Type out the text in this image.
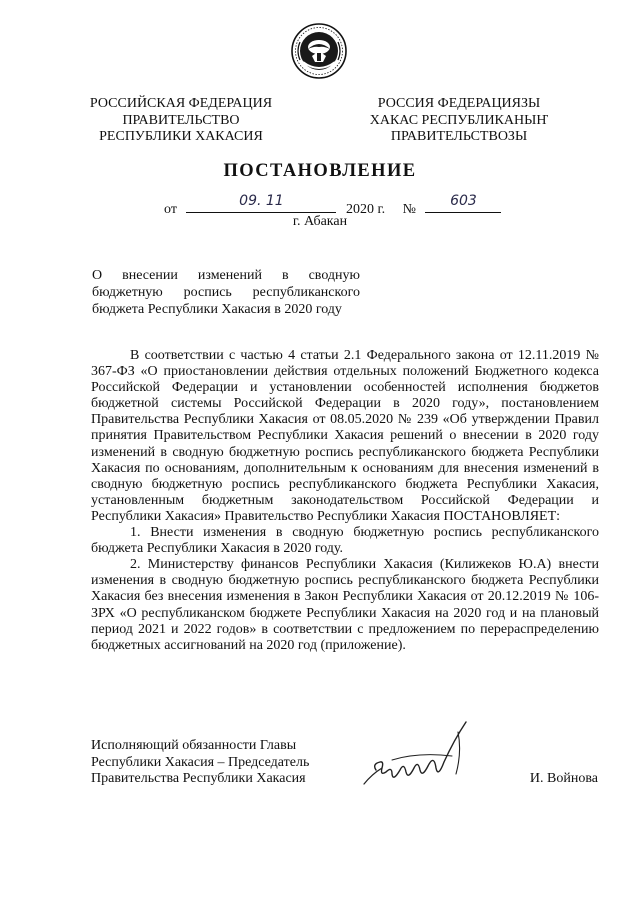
РОССИЙСКАЯ ФЕДЕРАЦИЯ
ПРАВИТЕЛЬСТВО
РЕСПУБЛИКИ ХАКАСИЯ
РОССИЯ ФЕДЕРАЦИЯЗЫ
ХАКАС РЕСПУБЛИКАНЫҤ
ПРАВИТЕЛЬСТВОЗЫ
ПОСТАНОВЛЕНИЕ
от
09. 11
2020 г. №
603
г. Абакан
О внесении изменений в сводную
бюджетную роспись республиканского
бюджета Республики Хакасия в 2020 году

В соответствии с частью 4 статьи 2.1 Федерального закона от 12.11.2019 № 367-ФЗ «О приостановлении действия отдельных положений Бюджетного кодекса Российской Федерации и установлении особенностей исполнения бюджетов бюджетной системы Российской Федерации в 2020 году», постановлением Правительства Республики Хакасия от 08.05.2020 № 239 «Об утверждении Правил принятия Правительством Республики Хакасия решений о внесении в 2020 году изменений в сводную бюджетную роспись республиканского бюджета Республики Хакасия по основаниям, дополнительным к основаниям для внесения изменений в сводную бюджетную роспись республиканского бюджета Республики Хакасия, установленным бюджетным законодательством Российской Федерации и Республики Хакасия» Правительство Республики Хакасия ПОСТАНОВЛЯЕТ:

1. Внести изменения в сводную бюджетную роспись республиканского бюджета Республики Хакасия в 2020 году.

2. Министерству финансов Республики Хакасия (Килижеков Ю.А) внести изменения в сводную бюджетную роспись республиканского бюджета Республики Хакасия без внесения изменения в Закон Республики Хакасия от 20.12.2019 № 106-ЗРХ «О республиканском бюджете Республики Хакасия на 2020 год и на плановый период 2021 и 2022 годов» в соответствии с предложением по перераспределению бюджетных ассигнований на 2020 год (приложение).

Исполняющий обязанности Главы
Республики Хакасия – Председатель
Правительства Республики Хакасия	И. Войнова
